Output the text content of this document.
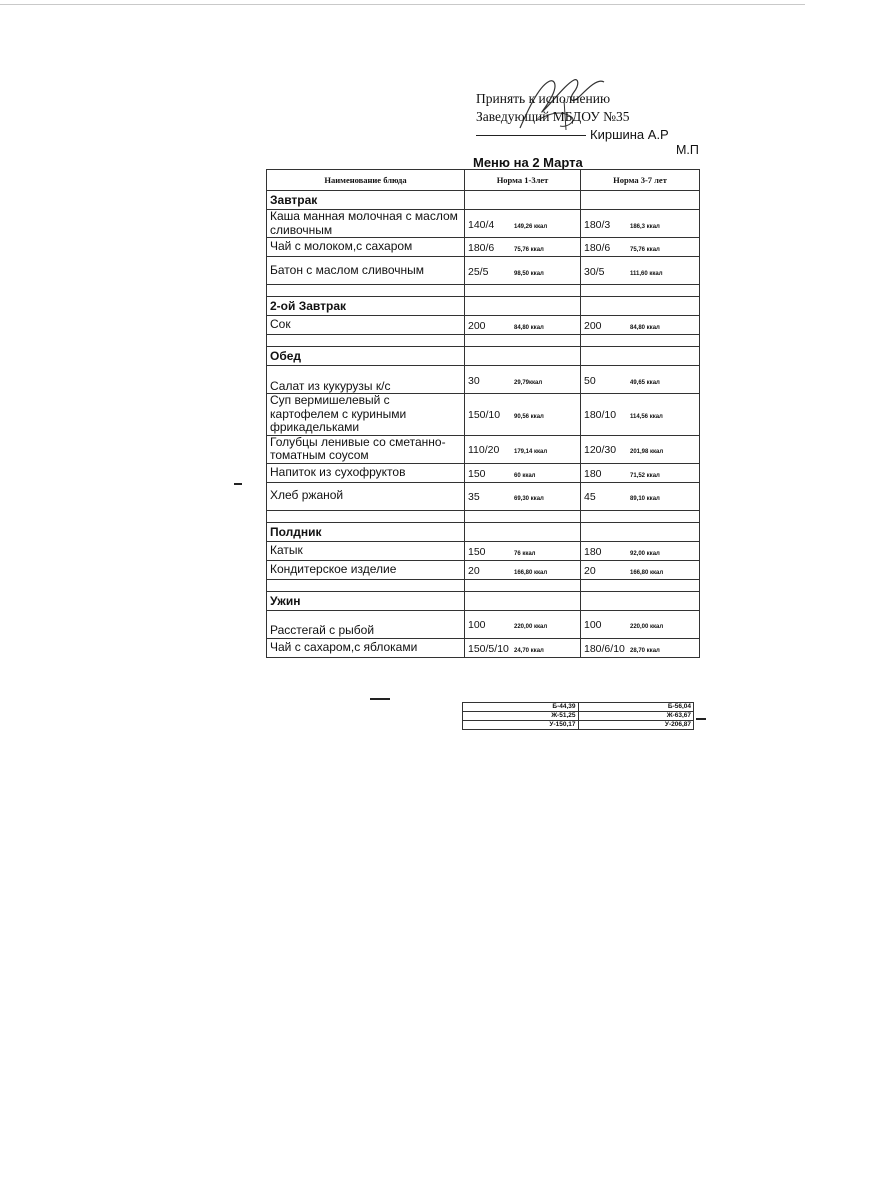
Принять к исполнению
Заведующий МБДОУ №35
Киршина А.Р
М.П
Меню на 2 Марта
Наименование блюда	Норма 1-3лет	Норма 3-7 лет
Завтрак		
Каша манная молочная с маслом сливочным	140/4 149,26 ккал	180/3 186,3 ккал
Чай с молоком,с сахаром	180/6 75,76 ккал	180/6 75,76 ккал
Батон с маслом сливочным	25/5 98,50 ккал	30/5 111,60 ккал

2-ой Завтрак		
Сок	200 84,80 ккал	200 84,80 ккал

Обед		
Салат из кукурузы к/с	30 29,79ккал	50 49,65 ккал
Суп вермишелевый с картофелем с куриными фрикадельками	150/10 90,56 ккал	180/10 114,56 ккал
Голубцы ленивые со сметанно-томатным соусом	110/20 179,14 ккал	120/30 201,98 ккал
Напиток из сухофруктов	150 60 ккал	180 71,52 ккал
Хлеб ржаной	35 69,30 ккал	45 89,10 ккал

Полдник		
Катык	150 76 ккал	180 92,00 ккал
Кондитерское изделие	20 166,80 ккал	20 166,80 ккал

Ужин		
Расстегай с рыбой	100 220,00 ккал	100 220,00 ккал
Чай с сахаром,с яблоками	150/5/10 24,70 ккал	180/6/10 28,70 ккал
Б-44,39	Б-56,04
Ж-51,25	Ж-63,67
У-150,17	У-206,87
